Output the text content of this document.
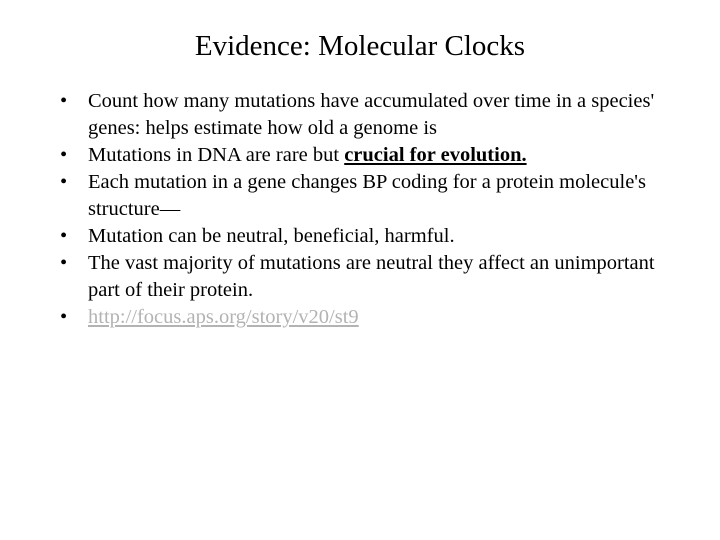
Evidence: Molecular Clocks
•	Count how many mutations have accumulated over time in a species' genes: helps estimate how old a genome is
•	Mutations in DNA are rare but crucial for evolution.
•	Each mutation in a gene changes BP coding for a protein molecule's structure—
•	Mutation can be neutral, beneficial, harmful.
•	The vast majority of mutations are neutral they affect an unimportant part of their protein.
•	http://focus.aps.org/story/v20/st9
